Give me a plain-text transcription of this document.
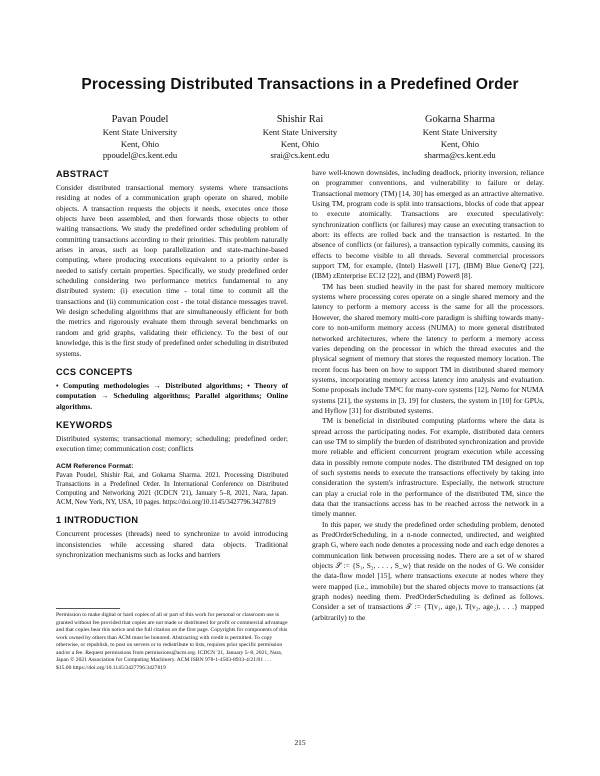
Processing Distributed Transactions in a Predefined Order
Pavan Poudel
Kent State University
Kent, Ohio
ppoudel@cs.kent.edu
Shishir Rai
Kent State University
Kent, Ohio
srai@cs.kent.edu
Gokarna Sharma
Kent State University
Kent, Ohio
sharma@cs.kent.edu
ABSTRACT

Consider distributed transactional memory systems where transactions residing at nodes of a communication graph operate on shared, mobile objects. A transaction requests the objects it needs, executes once those objects have been assembled, and then forwards those objects to other waiting transactions. We study the predefined order scheduling problem of committing transactions according to their priorities. This problem naturally arises in areas, such as loop parallelization and state-machine-based computing, where producing executions equivalent to a priority order is needed to satisfy certain properties. Specifically, we study predefined order scheduling considering two performance metrics fundamental to any distributed system: (i) execution time - total time to commit all the transactions and (ii) communication cost - the total distance messages travel. We design scheduling algorithms that are simultaneously efficient for both the metrics and rigorously evaluate them through several benchmarks on random and grid graphs, validating their efficiency. To the best of our knowledge, this is the first study of predefined order scheduling in distributed systems.

CCS CONCEPTS

• Computing methodologies → Distributed algorithms; • Theory of computation → Scheduling algorithms; Parallel algorithms; Online algorithms.

KEYWORDS

Distributed systems; transactional memory; scheduling; predefined order; execution time; communication cost; conflicts

ACM Reference Format:

Pavan Poudel, Shishir Rai, and Gokarna Sharma. 2021. Processing Distributed Transactions in a Predefined Order. In International Conference on Distributed Computing and Networking 2021 (ICDCN '21), January 5–8, 2021, Nara, Japan. ACM, New York, NY, USA, 10 pages. https://doi.org/10.1145/3427796.3427819

1 INTRODUCTION

Concurrent processes (threads) need to synchronize to avoid introducing inconsistencies while accessing shared data objects. Traditional synchronization mechanisms such as locks and barriers

Permission to make digital or hard copies of all or part of this work for personal or classroom use is granted without fee provided that copies are not made or distributed for profit or commercial advantage and that copies bear this notice and the full citation on the first page. Copyrights for components of this work owned by others than ACM must be honored. Abstracting with credit is permitted. To copy otherwise, or republish, to post on servers or to redistribute to lists, requires prior specific permission and/or a fee. Request permissions from permissions@acm.org. ICDCN '21, January 5–8, 2021, Nara, Japan © 2021 Association for Computing Machinery. ACM ISBN 978-1-4503-8933-4/21/01 . . . $15.00 https://doi.org/10.1145/3427796.3427819

have well-known downsides, including deadlock, priority inversion, reliance on programmer conventions, and vulnerability to failure or delay. Transactional memory (TM) [14, 30] has emerged as an attractive alternative. Using TM, program code is split into transactions, blocks of code that appear to execute atomically. Transactions are executed speculatively: synchronization conflicts (or failures) may cause an executing transaction to abort: its effects are rolled back and the transaction is restarted. In the absence of conflicts (or failures), a transaction typically commits, causing its effects to become visible to all threads. Several commercial processors support TM, for example, (Intel) Haswell [17], (IBM) Blue Gene/Q [22], (IBM) zEnterprise EC12 [22], and (IBM) Power8 [8].

TM has been studied heavily in the past for shared memory multicore systems where processing cores operate on a single shared memory and the latency to perform a memory access is the same for all the processors. However, the shared memory multi-core paradigm is shifting towards many-core to non-uniform memory access (NUMA) to more general distributed networked architectures, where the latency to perform a memory access varies depending on the processor in which the thread executes and the physical segment of memory that stores the requested memory location. The recent focus has been on how to support TM in distributed shared memory systems, incorporating memory access latency into analysis and evaluation. Some proposals include TM²C for many-core systems [12], Nemo for NUMA systems [21], the systems in [3, 19] for clusters, the system in [10] for GPUs, and Hyflow [31] for distributed systems.

TM is beneficial in distributed computing platforms where the data is spread across the participating nodes. For example, distributed data centers can use TM to simplify the burden of distributed synchronization and provide more reliable and efficient concurrent program execution while accessing data in possibly remote compute nodes. The distributed TM designed on top of such systems needs to execute the transactions effectively by taking into consideration the system's infrastructure. Especially, the network structure can play a crucial role in the performance of the distributed TM, since the data that the transactions access has to be reached across the network in a timely manner.

In this paper, we study the predefined order scheduling problem, denoted as PredOrderScheduling, in a n-node connected, undirected, and weighted graph G, where each node denotes a processing node and each edge denotes a communication link between processing nodes. There are a set of w shared objects 𝒮 := {S₁, S₂, . . . , S_w} that reside on the nodes of G. We consider the data-flow model [15], where transactions execute at nodes where they were mapped (i.e., immobile) but the shared objects move to transactions (at graph nodes) needing them. PredOrderScheduling is defined as follows. Consider a set of transactions 𝒯 := {T(v₁, age₁), T(v₂, age₂), . . .} mapped (arbitrarily) to the

215
